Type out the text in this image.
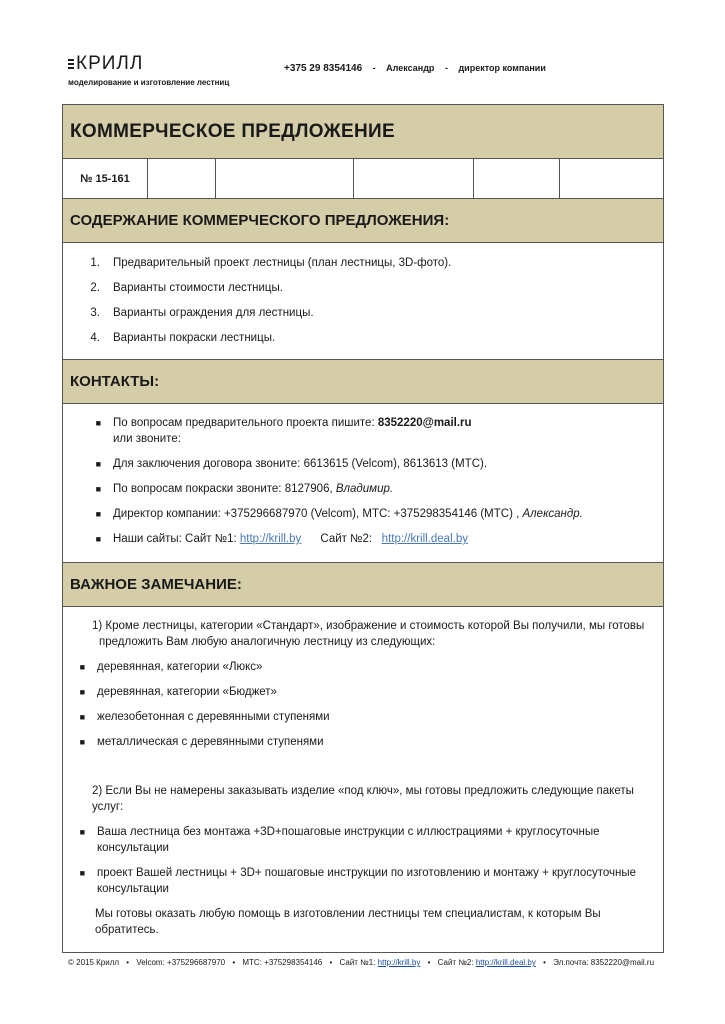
КРИЛЛ
моделирование и изготовление лестниц
+375 29 8354146 - Александр - директор компании
КОММЕРЧЕСКОЕ ПРЕДЛОЖЕНИЕ
№ 15-161
СОДЕРЖАНИЕ КОММЕРЧЕСКОГО ПРЕДЛОЖЕНИЯ:
1.	Предварительный проект лестницы (план лестницы, 3D-фото).
2.	Варианты стоимости лестницы.
3.	Варианты ограждения для лестницы.
4.	Варианты покраски лестницы.
КОНТАКТЫ:
■	По вопросам предварительного проекта пишите: 8352220@mail.ru
или звоните:
■	Для заключения договора звоните: 6613615 (Velcom), 8613613 (МТС).
■	По вопросам покраски звоните: 8127906, Владимир.
■	Директор компании: +375296687970 (Velcom), МТС: +375298354146 (МТС) , Александр.
■	Наши сайты: Сайт №1: http://krill.by Сайт №2: http://krill.deal.by
ВАЖНОЕ ЗАМЕЧАНИЕ:
1) Кроме лестницы, категории «Стандарт», изображение и стоимость которой Вы получили, мы готовы
предложить Вам любую аналогичную лестницу из следующих:
■	деревянная, категории «Люкс»
■	деревянная, категории «Бюджет»
■	железобетонная с деревянными ступенями
■	металлическая с деревянными ступенями
2) Если Вы не намерены заказывать изделие «под ключ», мы готовы предложить следующие пакеты услуг:
■	Ваша лестница без монтажа +3D+пошаговые инструкции с иллюстрациями + круглосуточные консультации
■	проект Вашей лестницы + 3D+ пошаговые инструкции по изготовлению и монтажу + круглосуточные консультации
Мы готовы оказать любую помощь в изготовлении лестницы тем специалистам, к которым Вы обратитесь.
© 2015 Крилл • Velcom: +375296687970 • МТС: +375298354146 • Сайт №1: http://krill.by • Сайт №2: http://krill.deal.by • Эл.почта: 8352220@mail.ru
